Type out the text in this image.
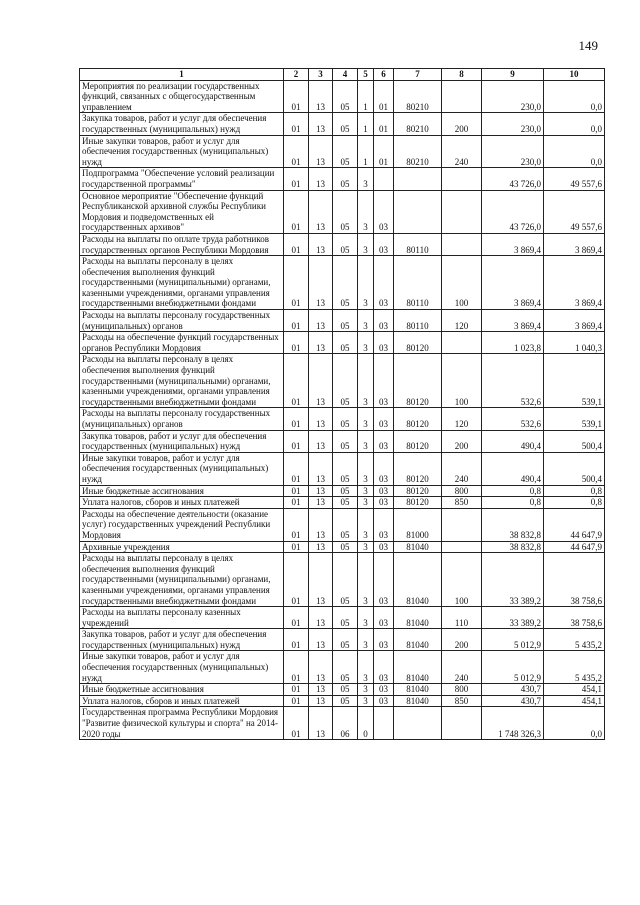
149
1	2	3	4	5	6	7	8	9	10
Мероприятия по реализации государственных функций, связанных с общегосударственным управлением	01	13	05	1	01	80210		230,0	0,0
Закупка товаров, работ и услуг для обеспечения государственных (муниципальных) нужд	01	13	05	1	01	80210	200	230,0	0,0
Иные закупки товаров, работ и услуг для обеспечения государственных (муниципальных) нужд	01	13	05	1	01	80210	240	230,0	0,0
Подпрограмма "Обеспечение условий реализации государственной программы"	01	13	05	3				43 726,0	49 557,6
Основное мероприятие "Обеспечение функций Республиканской архивной службы Республики Мордовия и подведомственных ей государственных архивов"	01	13	05	3	03			43 726,0	49 557,6
Расходы на выплаты по оплате труда работников государственных органов Республики Мордовия	01	13	05	3	03	80110		3 869,4	3 869,4
Расходы на выплаты персоналу в целях обеспечения выполнения функций государственными (муниципальными) органами, казенными учреждениями, органами управления государственными внебюджетными фондами	01	13	05	3	03	80110	100	3 869,4	3 869,4
Расходы на выплаты персоналу государственных (муниципальных) органов	01	13	05	3	03	80110	120	3 869,4	3 869,4
Расходы на обеспечение функций государственных органов Республики Мордовия	01	13	05	3	03	80120		1 023,8	1 040,3
Расходы на выплаты персоналу в целях обеспечения выполнения функций государственными (муниципальными) органами, казенными учреждениями, органами управления государственными внебюджетными фондами	01	13	05	3	03	80120	100	532,6	539,1
Расходы на выплаты персоналу государственных (муниципальных) органов	01	13	05	3	03	80120	120	532,6	539,1
Закупка товаров, работ и услуг для обеспечения государственных (муниципальных) нужд	01	13	05	3	03	80120	200	490,4	500,4
Иные закупки товаров, работ и услуг для обеспечения государственных (муниципальных) нужд	01	13	05	3	03	80120	240	490,4	500,4
Иные бюджетные ассигнования	01	13	05	3	03	80120	800	0,8	0,8
Уплата налогов, сборов и иных платежей	01	13	05	3	03	80120	850	0,8	0,8
Расходы на обеспечение деятельности (оказание услуг) государственных учреждений Республики Мордовия	01	13	05	3	03	81000		38 832,8	44 647,9
Архивные учреждения	01	13	05	3	03	81040		38 832,8	44 647,9
Расходы на выплаты персоналу в целях обеспечения выполнения функций государственными (муниципальными) органами, казенными учреждениями, органами управления государственными внебюджетными фондами	01	13	05	3	03	81040	100	33 389,2	38 758,6
Расходы на выплаты персоналу казенных учреждений	01	13	05	3	03	81040	110	33 389,2	38 758,6
Закупка товаров, работ и услуг для обеспечения государственных (муниципальных) нужд	01	13	05	3	03	81040	200	5 012,9	5 435,2
Иные закупки товаров, работ и услуг для обеспечения государственных (муниципальных) нужд	01	13	05	3	03	81040	240	5 012,9	5 435,2
Иные бюджетные ассигнования	01	13	05	3	03	81040	800	430,7	454,1
Уплата налогов, сборов и иных платежей	01	13	05	3	03	81040	850	430,7	454,1
Государственная программа Республики Мордовия "Развитие физической культуры и спорта" на 2014-2020 годы	01	13	06	0				1 748 326,3	0,0
